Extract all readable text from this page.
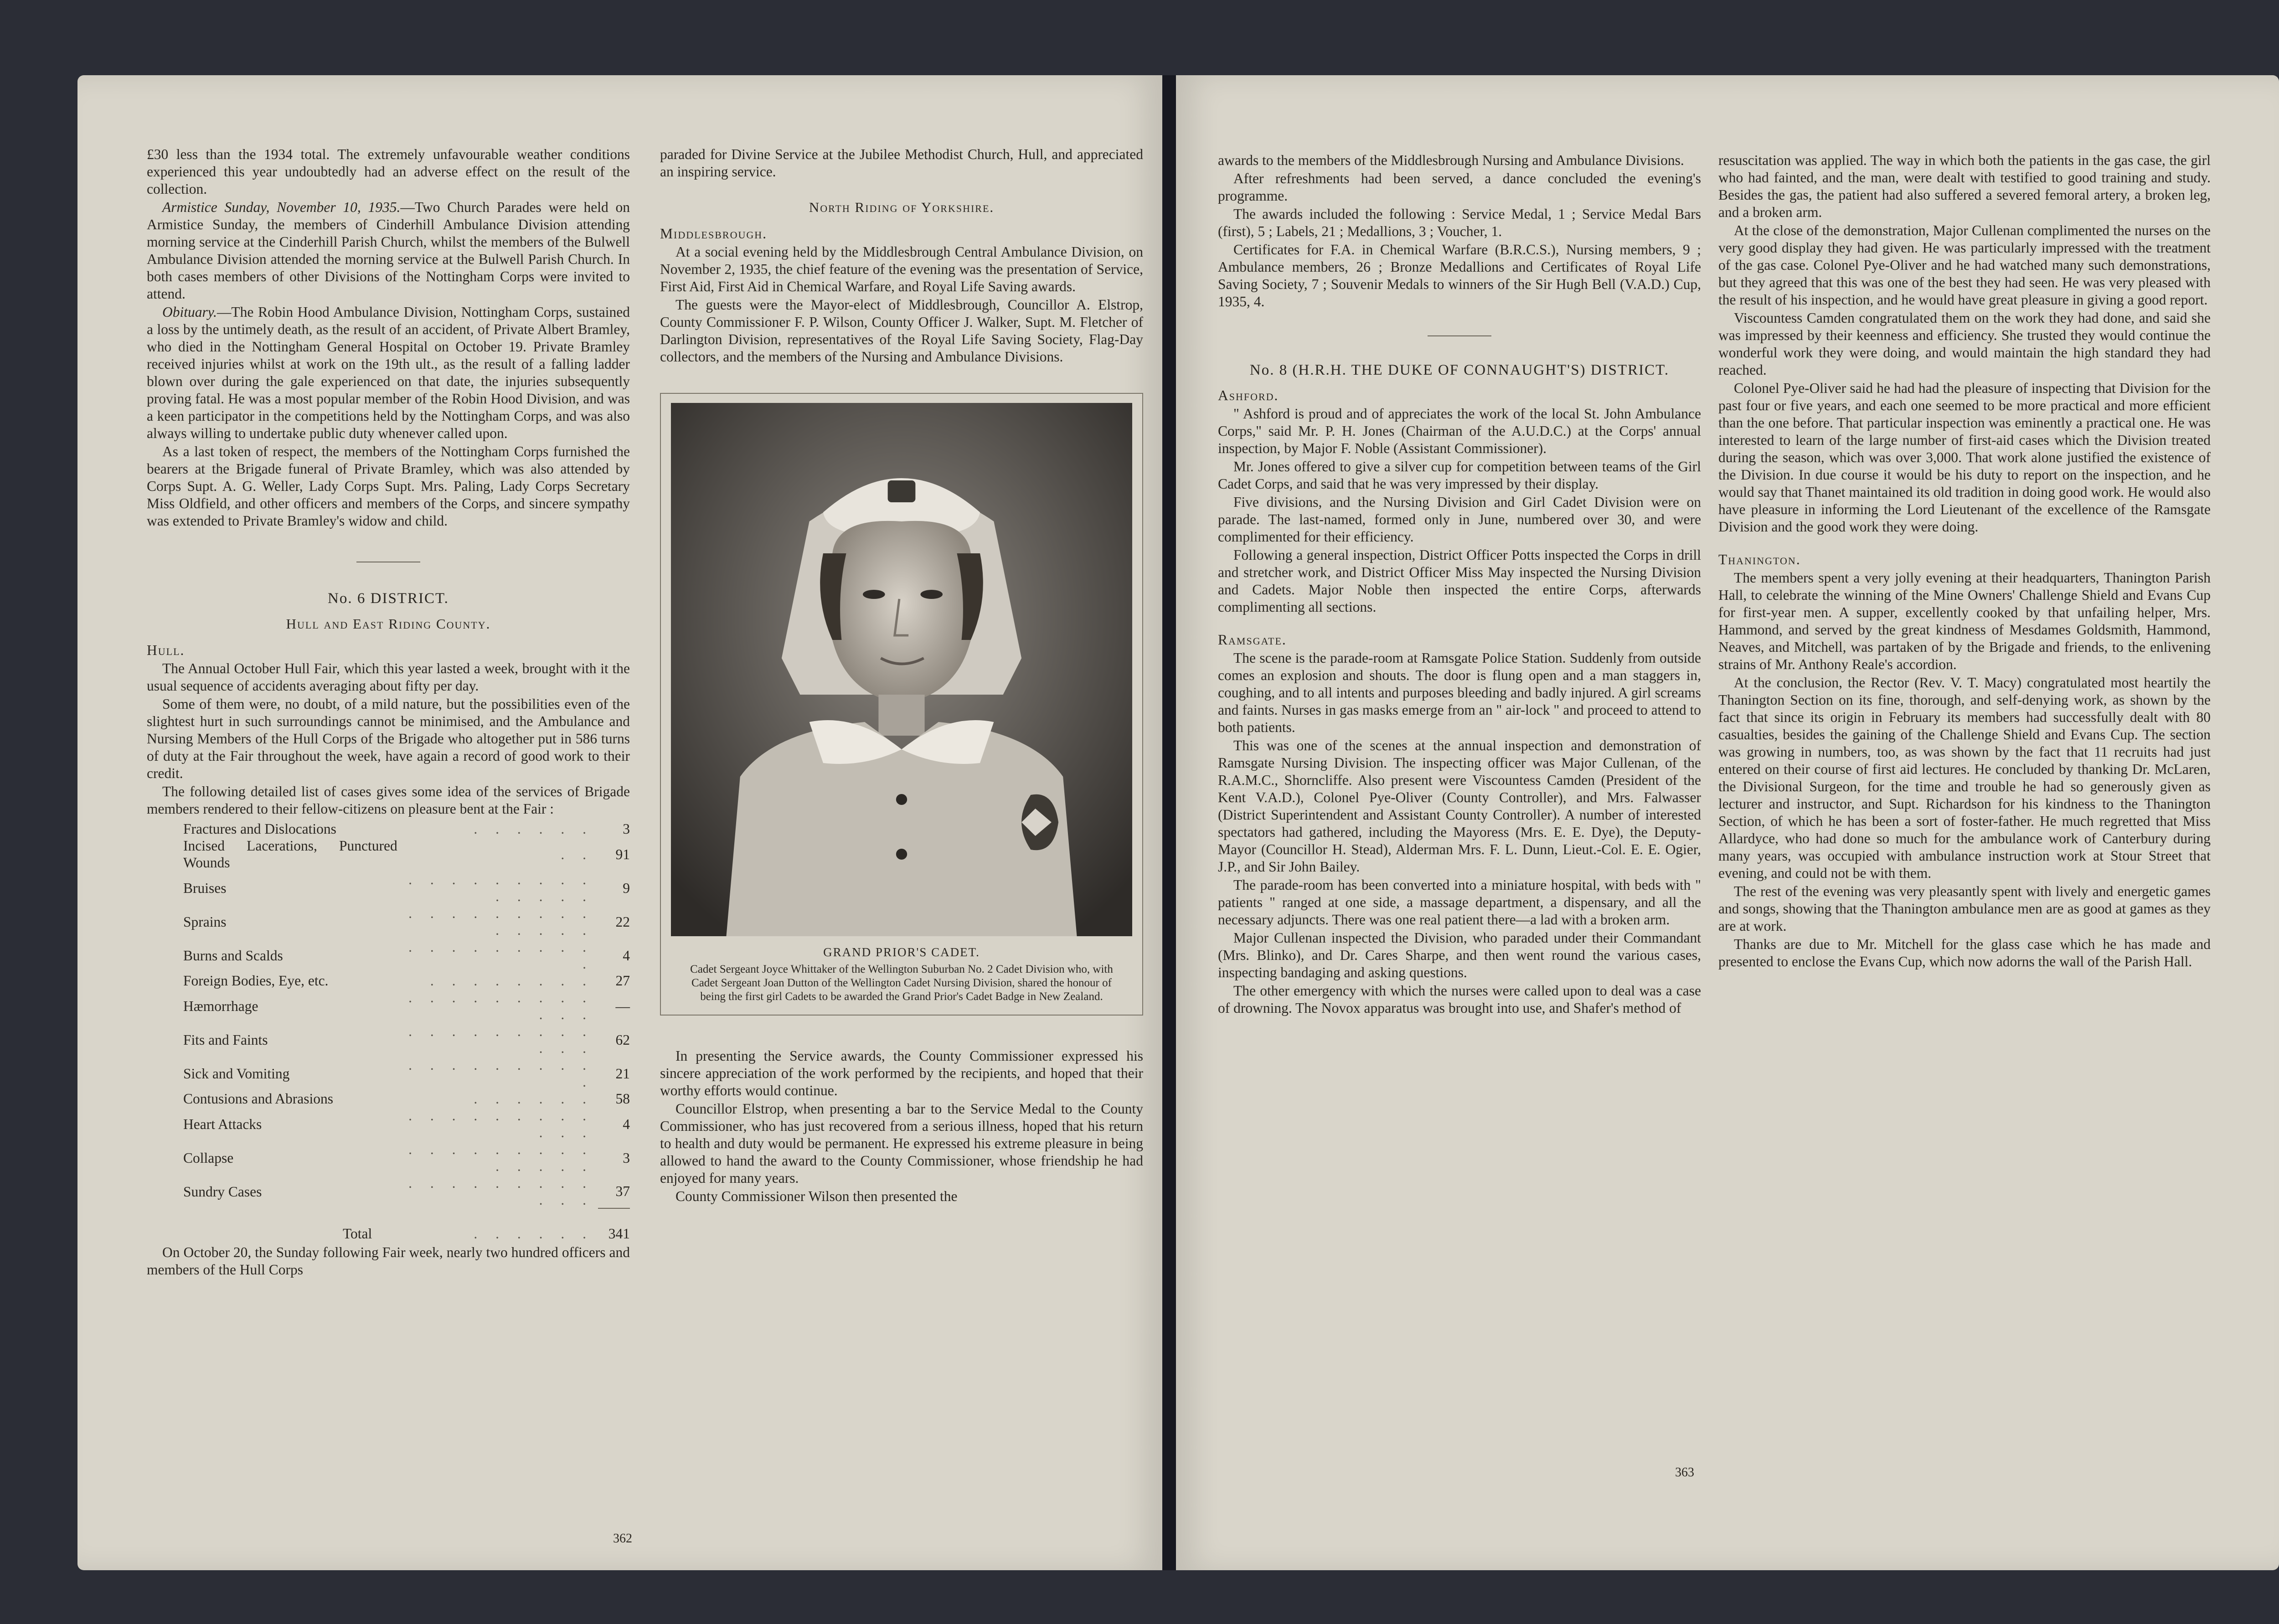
£30 less than the 1934 total. The extremely unfavourable weather conditions experienced this year undoubtedly had an adverse effect on the result of the collection.

Armistice Sunday, November 10, 1935.—Two Church Parades were held on Armistice Sunday, the members of Cinderhill Ambulance Division attending morning service at the Cinderhill Parish Church, whilst the members of the Bulwell Ambulance Division attended the morning service at the Bulwell Parish Church. In both cases members of other Divisions of the Nottingham Corps were invited to attend.

Obituary.—The Robin Hood Ambulance Division, Nottingham Corps, sustained a loss by the untimely death, as the result of an accident, of Private Albert Bramley, who died in the Nottingham General Hospital on October 19. Private Bramley received injuries whilst at work on the 19th ult., as the result of a falling ladder blown over during the gale experienced on that date, the injuries subsequently proving fatal. He was a most popular member of the Robin Hood Division, and was a keen participator in the competitions held by the Nottingham Corps, and was also always willing to undertake public duty whenever called upon.

As a last token of respect, the members of the Nottingham Corps furnished the bearers at the Brigade funeral of Private Bramley, which was also attended by Corps Supt. A. G. Weller, Lady Corps Supt. Mrs. Paling, Lady Corps Secretary Miss Oldfield, and other officers and members of the Corps, and sincere sympathy was extended to Private Bramley's widow and child.

No. 6 DISTRICT.
Hull and East Riding County.

Hull.

The Annual October Hull Fair, which this year lasted a week, brought with it the usual sequence of accidents averaging about fifty per day.

Some of them were, no doubt, of a mild nature, but the possibilities even of the slightest hurt in such surroundings cannot be minimised, and the Ambulance and Nursing Members of the Hull Corps of the Brigade who altogether put in 586 turns of duty at the Fair throughout the week, have again a record of good work to their credit.

The following detailed list of cases gives some idea of the services of Brigade members rendered to their fellow-citizens on pleasure bent at the Fair :

Fractures and Dislocations	. . . . . .	3
Incised Lacerations, Punctured Wounds	. .	91
Bruises	. . . . . . . . . . . . . .	9
Sprains	. . . . . . . . . . . . . .	22
Burns and Scalds	. . . . . . . . . .	4
Foreign Bodies, Eye, etc.	. . . . . . . .	27
Hæmorrhage	. . . . . . . . . . . .	—
Fits and Faints	. . . . . . . . . . . .	62
Sick and Vomiting	. . . . . . . . . .	21
Contusions and Abrasions	. . . . . .	58
Heart Attacks	. . . . . . . . . . . .	4
Collapse	. . . . . . . . . . . . . .	3
Sundry Cases	. . . . . . . . . . . .	37
Total	. . . . . .	341

On October 20, the Sunday following Fair week, nearly two hundred officers and members of the Hull Corps

paraded for Divine Service at the Jubilee Methodist Church, Hull, and appreciated an inspiring service.

North Riding of Yorkshire.

Middlesbrough.

At a social evening held by the Middlesbrough Central Ambulance Division, on November 2, 1935, the chief feature of the evening was the presentation of Service, First Aid, First Aid in Chemical Warfare, and Royal Life Saving awards.

The guests were the Mayor-elect of Middlesbrough, Councillor A. Elstrop, County Commissioner F. P. Wilson, County Officer J. Walker, Supt. M. Fletcher of Darlington Division, representatives of the Royal Life Saving Society, Flag-Day collectors, and the members of the Nursing and Ambulance Divisions.

GRAND PRIOR'S CADET.
Cadet Sergeant Joyce Whittaker of the Wellington Suburban No. 2 Cadet Division who, with Cadet Sergeant Joan Dutton of the Wellington Cadet Nursing Division, shared the honour of being the first girl Cadets to be awarded the Grand Prior's Cadet Badge in New Zealand.

In presenting the Service awards, the County Commissioner expressed his sincere appreciation of the work performed by the recipients, and hoped that their worthy efforts would continue.

Councillor Elstrop, when presenting a bar to the Service Medal to the County Commissioner, who has just recovered from a serious illness, hoped that his return to health and duty would be permanent. He expressed his extreme pleasure in being allowed to hand the award to the County Commissioner, whose friendship he had enjoyed for many years.

County Commissioner Wilson then presented the

362

awards to the members of the Middlesbrough Nursing and Ambulance Divisions.

After refreshments had been served, a dance concluded the evening's programme.

The awards included the following : Service Medal, 1 ; Service Medal Bars (first), 5 ; Labels, 21 ; Medallions, 3 ; Voucher, 1.

Certificates for F.A. in Chemical Warfare (B.R.C.S.), Nursing members, 9 ; Ambulance members, 26 ; Bronze Medallions and Certificates of Royal Life Saving Society, 7 ; Souvenir Medals to winners of the Sir Hugh Bell (V.A.D.) Cup, 1935, 4.

No. 8 (H.R.H. THE DUKE OF CONNAUGHT'S) DISTRICT.

Ashford.

" Ashford is proud and of appreciates the work of the local St. John Ambulance Corps," said Mr. P. H. Jones (Chairman of the A.U.D.C.) at the Corps' annual inspection, by Major F. Noble (Assistant Commissioner).

Mr. Jones offered to give a silver cup for competition between teams of the Girl Cadet Corps, and said that he was very impressed by their display.

Five divisions, and the Nursing Division and Girl Cadet Division were on parade. The last-named, formed only in June, numbered over 30, and were complimented for their efficiency.

Following a general inspection, District Officer Potts inspected the Corps in drill and stretcher work, and District Officer Miss May inspected the Nursing Division and Cadets. Major Noble then inspected the entire Corps, afterwards complimenting all sections.

Ramsgate.

The scene is the parade-room at Ramsgate Police Station. Suddenly from outside comes an explosion and shouts. The door is flung open and a man staggers in, coughing, and to all intents and purposes bleeding and badly injured. A girl screams and faints. Nurses in gas masks emerge from an " air-lock " and proceed to attend to both patients.

This was one of the scenes at the annual inspection and demonstration of Ramsgate Nursing Division. The inspecting officer was Major Cullenan, of the R.A.M.C., Shorncliffe. Also present were Viscountess Camden (President of the Kent V.A.D.), Colonel Pye-Oliver (County Controller), and Mrs. Falwasser (District Superintendent and Assistant County Controller). A number of interested spectators had gathered, including the Mayoress (Mrs. E. E. Dye), the Deputy-Mayor (Councillor H. Stead), Alderman Mrs. F. L. Dunn, Lieut.-Col. E. E. Ogier, J.P., and Sir John Bailey.

The parade-room has been converted into a miniature hospital, with beds with " patients " ranged at one side, a massage department, a dispensary, and all the necessary adjuncts. There was one real patient there—a lad with a broken arm.

Major Cullenan inspected the Division, who paraded under their Commandant (Mrs. Blinko), and Dr. Cares Sharpe, and then went round the various cases, inspecting bandaging and asking questions.

The other emergency with which the nurses were called upon to deal was a case of drowning. The Novox apparatus was brought into use, and Shafer's method of

resuscitation was applied. The way in which both the patients in the gas case, the girl who had fainted, and the man, were dealt with testified to good training and study. Besides the gas, the patient had also suffered a severed femoral artery, a broken leg, and a broken arm.

At the close of the demonstration, Major Cullenan complimented the nurses on the very good display they had given. He was particularly impressed with the treatment of the gas case. Colonel Pye-Oliver and he had watched many such demonstrations, but they agreed that this was one of the best they had seen. He was very pleased with the result of his inspection, and he would have great pleasure in giving a good report.

Viscountess Camden congratulated them on the work they had done, and said she was impressed by their keenness and efficiency. She trusted they would continue the wonderful work they were doing, and would maintain the high standard they had reached.

Colonel Pye-Oliver said he had had the pleasure of inspecting that Division for the past four or five years, and each one seemed to be more practical and more efficient than the one before. That particular inspection was eminently a practical one. He was interested to learn of the large number of first-aid cases which the Division treated during the season, which was over 3,000. That work alone justified the existence of the Division. In due course it would be his duty to report on the inspection, and he would say that Thanet maintained its old tradition in doing good work. He would also have pleasure in informing the Lord Lieutenant of the excellence of the Ramsgate Division and the good work they were doing.

Thanington.

The members spent a very jolly evening at their headquarters, Thanington Parish Hall, to celebrate the winning of the Mine Owners' Challenge Shield and Evans Cup for first-year men. A supper, excellently cooked by that unfailing helper, Mrs. Hammond, and served by the great kindness of Mesdames Goldsmith, Hammond, Neaves, and Mitchell, was partaken of by the Brigade and friends, to the enlivening strains of Mr. Anthony Reale's accordion.

At the conclusion, the Rector (Rev. V. T. Macy) congratulated most heartily the Thanington Section on its fine, thorough, and self-denying work, as shown by the fact that since its origin in February its members had successfully dealt with 80 casualties, besides the gaining of the Challenge Shield and Evans Cup. The section was growing in numbers, too, as was shown by the fact that 11 recruits had just entered on their course of first aid lectures. He concluded by thanking Dr. McLaren, the Divisional Surgeon, for the time and trouble he had so generously given as lecturer and instructor, and Supt. Richardson for his kindness to the Thanington Section, of which he has been a sort of foster-father. He much regretted that Miss Allardyce, who had done so much for the ambulance work of Canterbury during many years, was occupied with ambulance instruction work at Stour Street that evening, and could not be with them.

The rest of the evening was very pleasantly spent with lively and energetic games and songs, showing that the Thanington ambulance men are as good at games as they are at work.

Thanks are due to Mr. Mitchell for the glass case which he has made and presented to enclose the Evans Cup, which now adorns the wall of the Parish Hall.

363
